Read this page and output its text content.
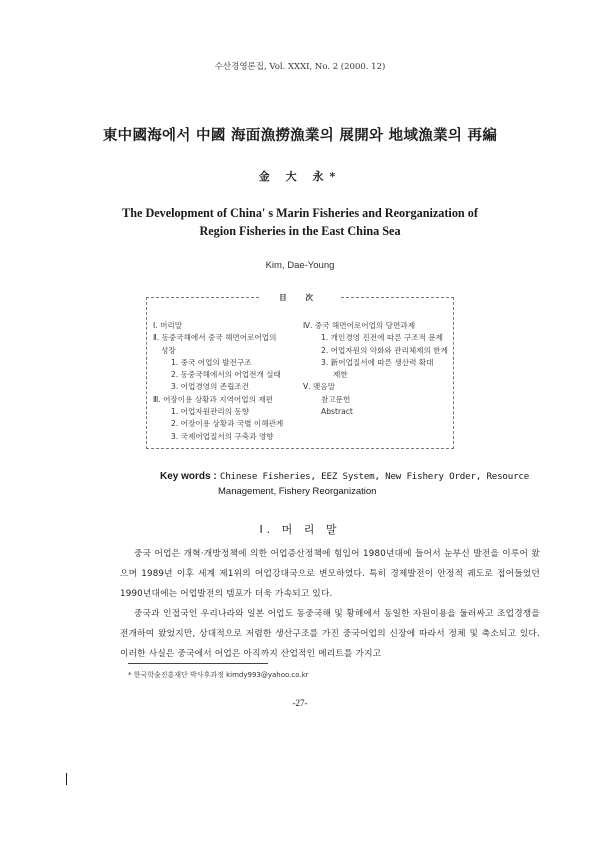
수산경영론집, Vol. XXXI, No. 2 (2000. 12)
東中國海에서 中國 海面漁撈漁業의 展開와 地域漁業의 再編
金 大 永*
The Development of China' s Marin Fisheries and Reorganization of
Region Fisheries in the East China Sea
Kim, Dae-Young
目 次
Ⅰ. 머리말
Ⅱ. 동중국해에서 중국 해면어로어업의
성장
1. 중국 어업의 발전구조
2. 동중국해에서의 어업전개 실태
3. 어업경영의 존립조건
Ⅲ. 어장이용 상황과 지역어업의 재편
1. 어업자원관리의 동향
2. 어장이용 상황과 국별 이해관계
3. 국제어업질서의 구축과 영향
Ⅳ. 중국 해면어로어업의 당면과제
1. 개인경영 진전에 따른 구조적 문제
2. 어업자원의 악화와 관리체제의 한계
3. 新어업질서에 따른 생산력 확대
제한
Ⅴ. 맺음말
참고문헌
Abstract
Key words : Chinese Fisheries, EEZ System, New Fishery Order, Resource
Management, Fishery Reorganization
Ⅰ. 머 리 말

중국 어업은 개혁·개방정책에 의한 어업증산정책에 힘입어 1980년대에 들어서 눈부신 발전을 이루어 왔으며 1989년 이후 세계 제1위의 어업강대국으로 변모하였다. 특히 경제발전이 안정적 궤도로 접어들었던 1990년대에는 어업발전의 템포가 더욱 가속되고 있다.

중국과 인접국인 우리나라와 일본 어업도 동중국해 및 황해에서 동일한 자원이용을 둘러싸고 조업경쟁을 전개하여 왔었지만, 상대적으로 저렴한 생산구조를 가진 중국어업의 신장에 따라서 정체 및 축소되고 있다. 이러한 사실은 중국에서 어업은 아직까지 산업적인 메리트를 가지고

* 한국학술진흥재단 박사후과정 kimdy993@yahoo.co.kr
-27-
